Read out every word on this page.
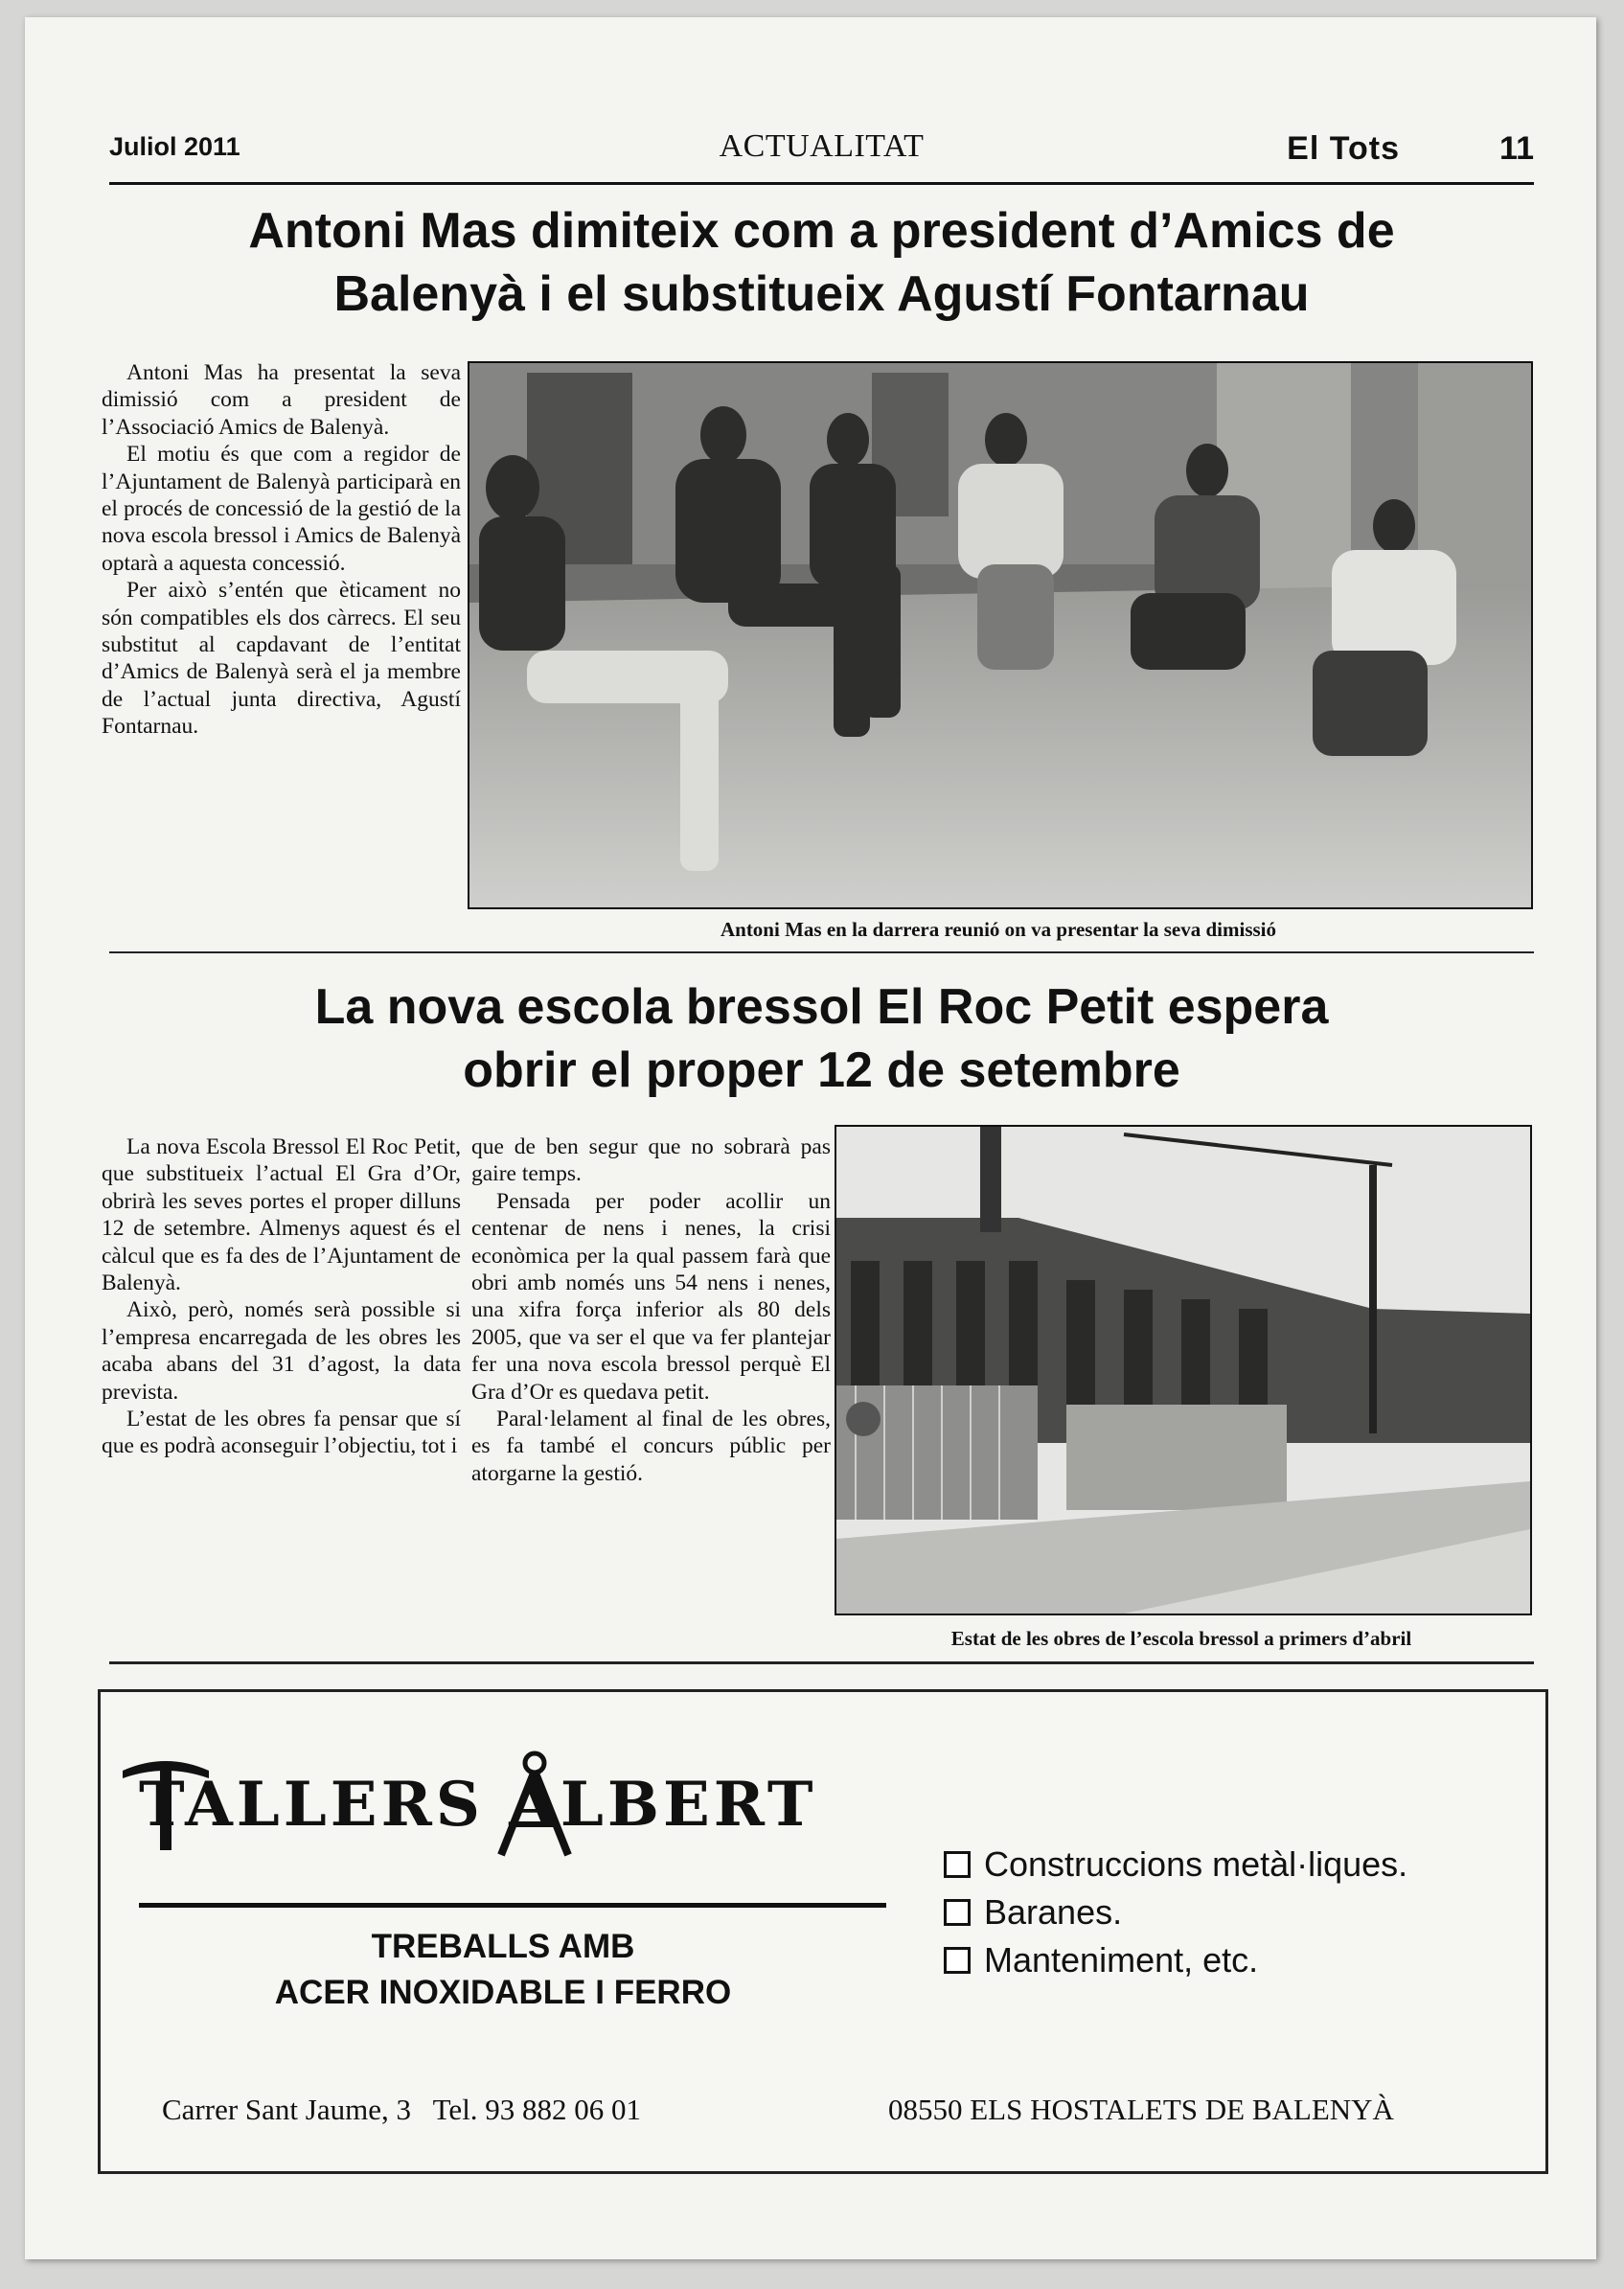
Juliol 2011	ACTUALITAT	El Tots	11
Antoni Mas dimiteix com a president d’Amics de
Balenyà i el substitueix Agustí Fontarnau

Antoni Mas ha presentat la seva dimissió com a president de l’Associació Amics de Balenyà.

El motiu és que com a regidor de l’Ajuntament de Balenyà participarà en el procés de concessió de la gestió de la nova escola bressol i Amics de Balenyà optarà a aquesta concessió.

Per això s’entén que èticament no són compatibles els dos càrrecs. El seu substitut al capdavant de l’entitat d’Amics de Balenyà serà el ja membre de l’actual junta directiva, Agustí Fontarnau.

Antoni Mas en la darrera reunió on va presentar la seva dimissió
La nova escola bressol El Roc Petit espera
obrir el proper 12 de setembre

La nova Escola Bressol El Roc Petit, que substitueix l’actual El Gra d’Or, obrirà les seves portes el proper dilluns 12 de setembre. Almenys aquest és el càlcul que es fa des de l’Ajuntament de Balenyà.

Això, però, només serà possible si l’empresa encarregada de les obres les acaba abans del 31 d’agost, la data prevista.

L’estat de les obres fa pensar que sí que es podrà aconseguir l’objectiu, tot i

que de ben segur que no sobrarà pas gaire temps.

Pensada per poder acollir un centenar de nens i nenes, la crisi econòmica per la qual passem farà que obri amb només uns 54 nens i nenes, una xifra força inferior als 80 dels 2005, que va ser el que va fer plantejar fer una nova escola bressol perquè El Gra d’Or es quedava petit.

Paral·lelament al final de les obres, es fa també el concurs públic per atorgarne la gestió.

Estat de les obres de l’escola bressol a primers d’abril
TALLERS ALBERT
TREBALLS AMB
ACER INOXIDABLE I FERRO
Construccions metàl·liques.
Baranes.
Manteniment, etc.
Carrer Sant Jaume, 3   Tel. 93 882 06 01	08550 ELS HOSTALETS DE BALENYÀ
